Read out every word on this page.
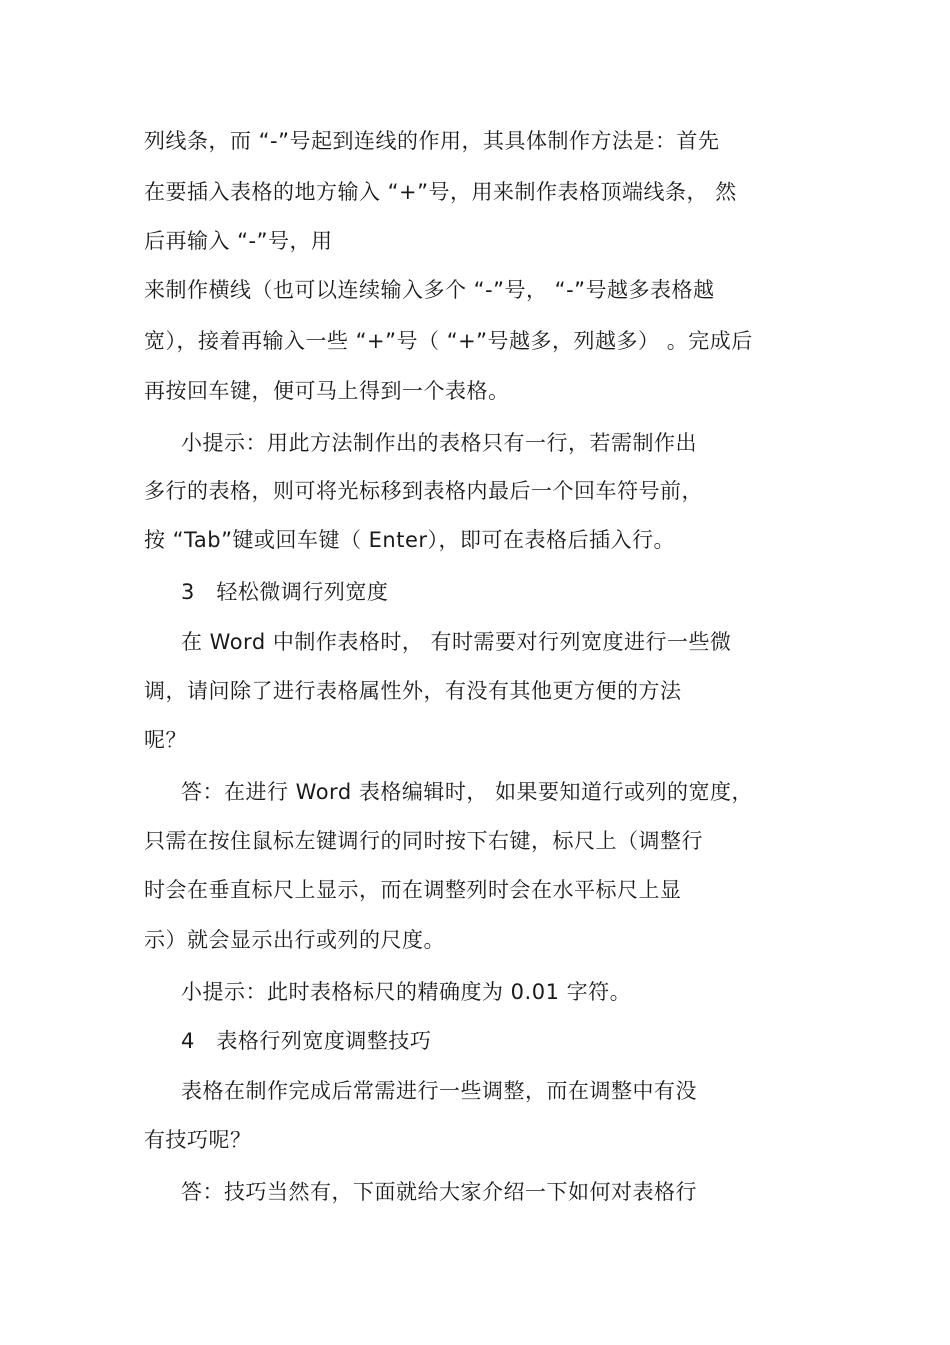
列线条，而 “-”号起到连线的作用，其具体制作方法是：首先
在要插入表格的地方输入 “+”号，用来制作表格顶端线条， 然
后再输入 “-”号，用
来制作横线（也可以连续输入多个 “-”号， “-”号越多表格越
宽），接着再输入一些 “+”号（ “+”号越多，列越多） 。完成后
再按回车键，便可马上得到一个表格。
小提示：用此方法制作出的表格只有一行，若需制作出
多行的表格，则可将光标移到表格内最后一个回车符号前，
按 “Tab”键或回车键（ Enter），即可在表格后插入行。
3　轻松微调行列宽度
在 Word 中制作表格时， 有时需要对行列宽度进行一些微
调，请问除了进行表格属性外，有没有其他更方便的方法
呢？
答：在进行 Word 表格编辑时， 如果要知道行或列的宽度，
只需在按住鼠标左键调行的同时按下右键，标尺上（调整行
时会在垂直标尺上显示，而在调整列时会在水平标尺上显
示）就会显示出行或列的尺度。
小提示：此时表格标尺的精确度为 0.01 字符。
4　表格行列宽度调整技巧
表格在制作完成后常需进行一些调整，而在调整中有没
有技巧呢？
答：技巧当然有，下面就给大家介绍一下如何对表格行
